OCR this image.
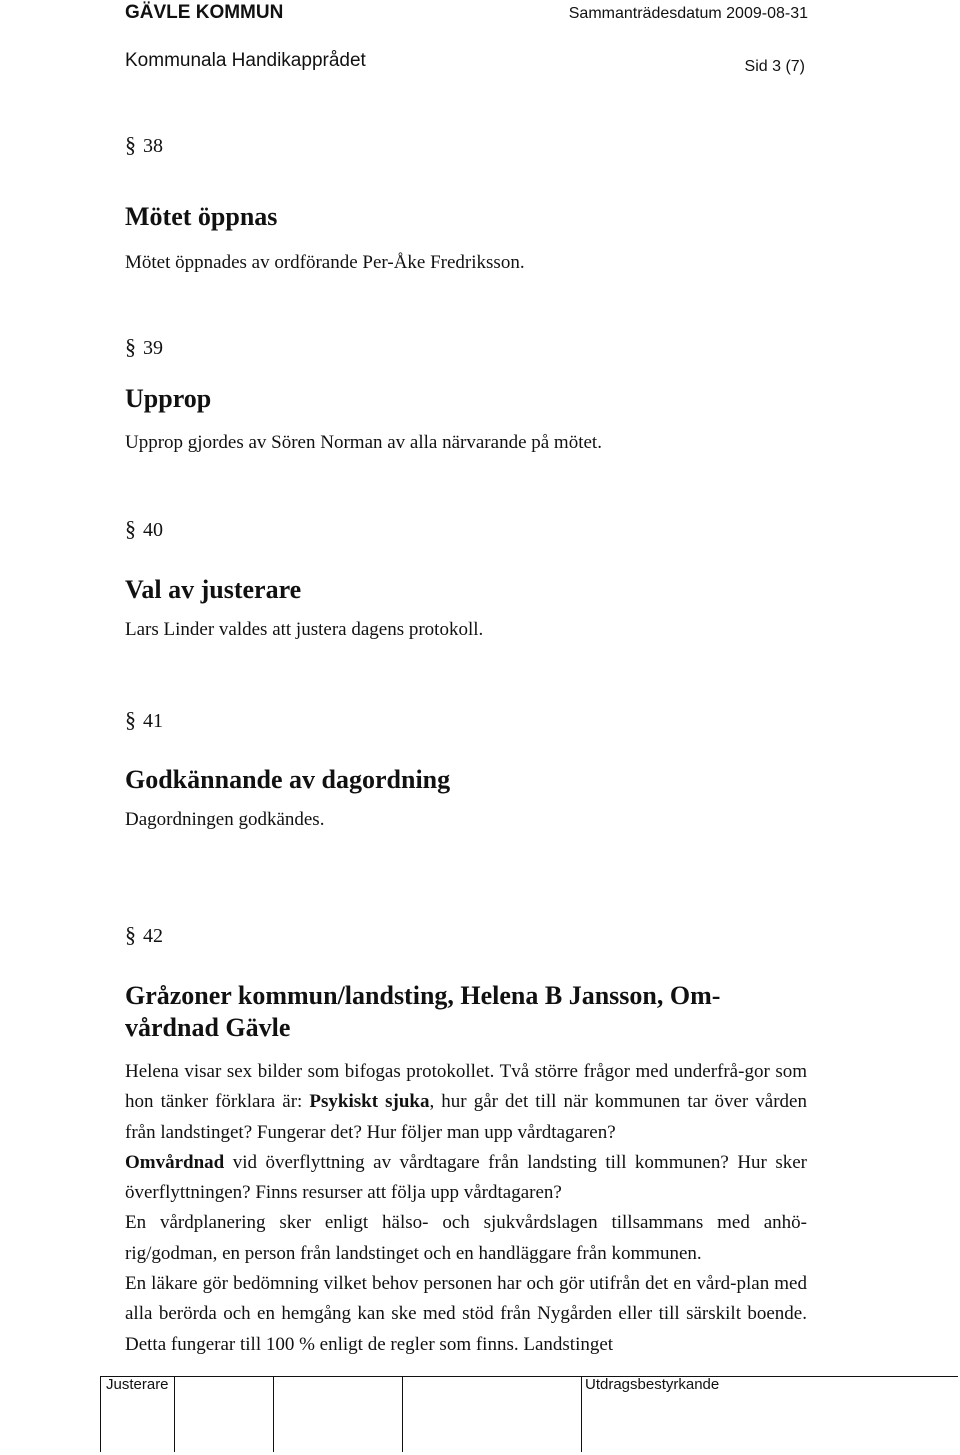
GÄVLE KOMMUN	Sammanträdesdatum 2009-08-31
Kommunala Handikapprådet	Sid 3 (7)
§ 38
Mötet öppnas
Mötet öppnades av ordförande Per-Åke Fredriksson.
§ 39
Upprop
Upprop gjordes av Sören Norman av alla närvarande på mötet.
§ 40
Val av justerare
Lars Linder valdes att justera dagens protokoll.
§ 41
Godkännande av dagordning
Dagordningen godkändes.
§ 42
Gråzoner kommun/landsting, Helena B Jansson, Om-
vårdnad Gävle

Helena visar sex bilder som bifogas protokollet. Två större frågor med underfrå-gor som hon tänker förklara är: Psykiskt sjuka, hur går det till när kommunen tar över vården från landstinget? Fungerar det? Hur följer man upp vårdtagaren?

Omvårdnad vid överflyttning av vårdtagare från landsting till kommunen? Hur sker överflyttningen? Finns resurser att följa upp vårdtagaren?

En vårdplanering sker enligt hälso- och sjukvårdslagen tillsammans med anhö-rig/godman, en person från landstinget och en handläggare från kommunen.

En läkare gör bedömning vilket behov personen har och gör utifrån det en vård-plan med alla berörda och en hemgång kan ske med stöd från Nygården eller till särskilt boende. Detta fungerar till 100 % enligt de regler som finns. Landstinget

Justerare	Utdragsbestyrkande
